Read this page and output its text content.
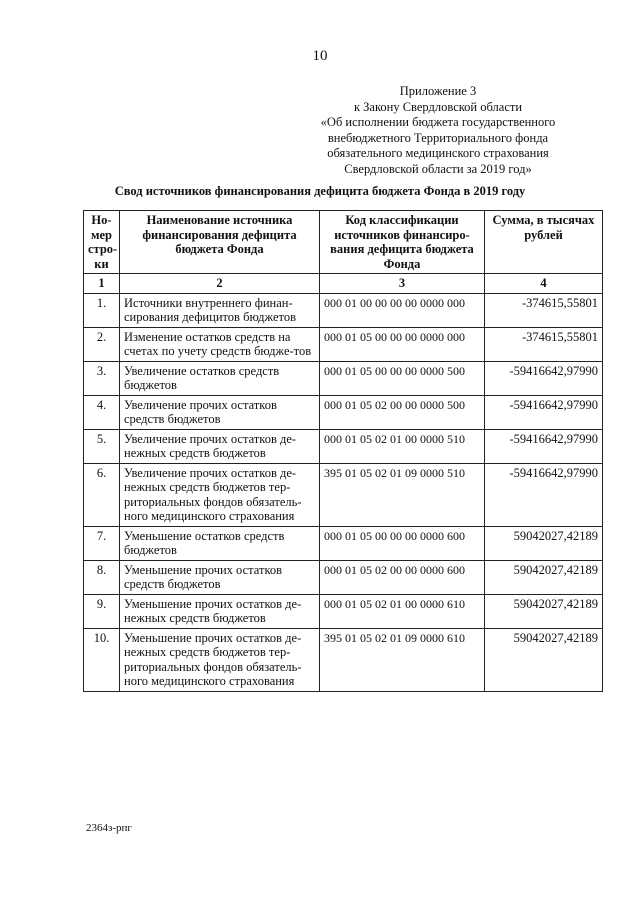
10
Приложение 3
к Закону Свердловской области
«Об исполнении бюджета государственного
внебюджетного Территориального фонда
обязательного медицинского страхования
Свердловской области за 2019 год»
Свод источников финансирования дефицита бюджета Фонда в 2019 году
Но-мер стро-ки	Наименование источника финансирования дефицита бюджета Фонда	Код классификации источников финансиро-вания дефицита бюджета Фонда	Сумма, в тысячах рублей
1	2	3	4
1.	Источники внутреннего финан-сирования дефицитов бюджетов	000 01 00 00 00 00 0000 000	-374615,55801
2.	Изменение остатков средств на счетах по учету средств бюдже-тов	000 01 05 00 00 00 0000 000	-374615,55801
3.	Увеличение остатков средств бюджетов	000 01 05 00 00 00 0000 500	-59416642,97990
4.	Увеличение прочих остатков средств бюджетов	000 01 05 02 00 00 0000 500	-59416642,97990
5.	Увеличение прочих остатков де-нежных средств бюджетов	000 01 05 02 01 00 0000 510	-59416642,97990
6.	Увеличение прочих остатков де-нежных средств бюджетов тер-риториальных фондов обязатель-ного медицинского страхования	395 01 05 02 01 09 0000 510	-59416642,97990
7.	Уменьшение остатков средств бюджетов	000 01 05 00 00 00 0000 600	59042027,42189
8.	Уменьшение прочих остатков средств бюджетов	000 01 05 02 00 00 0000 600	59042027,42189
9.	Уменьшение прочих остатков де-нежных средств бюджетов	000 01 05 02 01 00 0000 610	59042027,42189
10.	Уменьшение прочих остатков де-нежных средств бюджетов тер-риториальных фондов обязатель-ного медицинского страхования	395 01 05 02 01 09 0000 610	59042027,42189
2364з-рпг
